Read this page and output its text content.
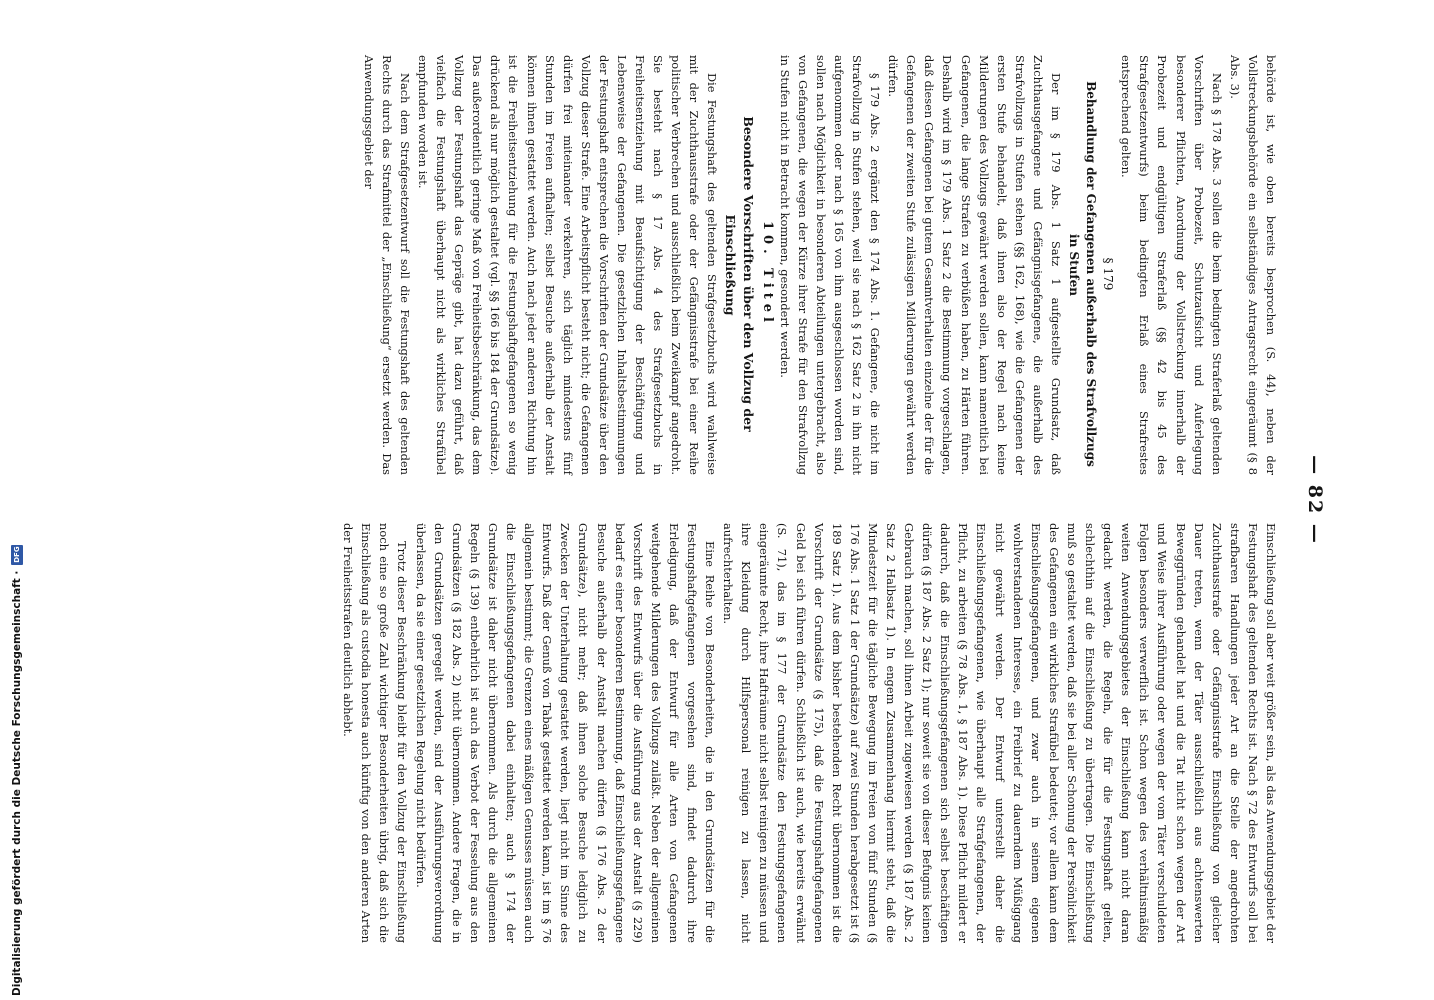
— 82 —

behörde ist, wie oben bereits besprochen (S. 44), neben der Vollstreckungsbehörde ein selbständiges Antragsrecht eingeräumt (§ 8 Abs. 3).

Nach § 178 Abs. 3 sollen die beim bedingten Straferlaß geltenden Vorschriften über Probezeit, Schutzaufsicht und Auferlegung besonderer Pflichten, Anordnung der Vollstreckung innerhalb der Probezeit und endgültigen Straferlaß (§§ 42 bis 45 des Strafgesetzentwurfs) beim bedingten Erlaß eines Strafrestes entsprechend gelten.

§ 179

Behandlung der Gefangenen außerhalb des Strafvollzugs in Stufen

Der im § 179 Abs. 1 Satz 1 aufgestellte Grundsatz, daß Zuchthausgefangene und Gefängnisgefangene, die außerhalb des Strafvollzugs in Stufen stehen (§§ 162, 168), wie die Gefangenen der ersten Stufe behandelt, daß ihnen also der Regel nach keine Milderungen des Vollzugs gewährt werden sollen, kann namentlich bei Gefangenen, die lange Strafen zu verbüßen haben, zu Härten führen. Deshalb wird im § 179 Abs. 1 Satz 2 die Bestimmung vorgeschlagen, daß diesen Gefangenen bei gutem Gesamtverhalten einzelne der für die Gefangenen der zweiten Stufe zulässigen Milderungen gewährt werden dürfen.

§ 179 Abs. 2 ergänzt den § 174 Abs. 1. Gefangene, die nicht im Strafvollzug in Stufen stehen, weil sie nach § 162 Satz 2 in ihn nicht aufgenommen oder nach § 165 von ihm ausgeschlossen worden sind, sollen nach Möglichkeit in besonderen Abteilungen untergebracht, also von Gefangenen, die wegen der Kürze ihrer Strafe für den Strafvollzug in Stufen nicht in Betracht kommen, gesondert werden.

10. Titel

Besondere Vorschriften über den Vollzug der Einschließung

Die Festungshaft des geltenden Strafgesetzbuchs wird wahlweise mit der Zuchthausstrafe oder der Gefängnisstrafe bei einer Reihe politischer Verbrechen und ausschließlich beim Zweikampf angedroht. Sie besteht nach § 17 Abs. 4 des Strafgesetzbuchs in Freiheitsentziehung mit Beaufsichtigung der Beschäftigung und Lebensweise der Gefangenen. Die gesetzlichen Inhaltsbestimmungen der Festungshaft entsprechen die Vorschriften der Grundsätze über den Vollzug dieser Strafe. Eine Arbeitspflicht besteht nicht; die Gefangenen dürfen frei miteinander verkehren, sich täglich mindestens fünf Stunden im Freien aufhalten; selbst Besuche außerhalb der Anstalt können ihnen gestattet werden. Auch nach jeder anderen Richtung hin ist die Freiheitsentziehung für die Festungshaftgefangenen so wenig drückend als nur möglich gestaltet (vgl. §§ 166 bis 184 der Grundsätze). Das außerordentlich geringe Maß von Freiheitsbeschränkung, das dem Vollzug der Festungshaft das Gepräge gibt, hat dazu geführt, daß vielfach die Festungshaft überhaupt nicht als wirkliches Strafübel empfunden worden ist.

Nach dem Strafgesetzentwurf soll die Festungshaft des geltenden Rechts durch das Strafmittel der „Einschließung“ ersetzt werden. Das Anwendungsgebiet der

Einschließung soll aber weit größer sein, als das Anwendungsgebiet der Festungshaft des geltenden Rechts ist. Nach § 72 des Entwurfs soll bei strafbaren Handlungen jeder Art an die Stelle der angedrohten Zuchthausstrafe oder Gefängnisstrafe Einschließung von gleicher Dauer treten, wenn der Täter ausschließlich aus achtenswerten Beweggründen gehandelt hat und die Tat nicht schon wegen der Art und Weise ihrer Ausführung oder wegen der vom Täter verschuldeten Folgen besonders verwerflich ist. Schon wegen des verhältnismäßig weiten Anwendungsgebietes der Einschließung kann nicht daran gedacht werden, die Regeln, die für die Festungshaft gelten, schlechthin auf die Einschließung zu übertragen. Die Einschließung muß so gestaltet werden, daß sie bei aller Schonung der Persönlichkeit des Gefangenen ein wirkliches Strafübel bedeutet; vor allem kann dem Einschließungsgefangenen, und zwar auch in seinem eigenen wohlverstandenen Interesse, ein Freibrief zu dauerndem Müßiggang nicht gewährt werden. Der Entwurf unterstellt daher die Einschließungsgefangenen, wie überhaupt alle Strafgefangenen, der Pflicht, zu arbeiten (§ 78 Abs. 1, § 187 Abs. 1). Diese Pflicht mildert er dadurch, daß die Einschließungsgefangenen sich selbst beschäftigen dürfen (§ 187 Abs. 2 Satz 1); nur soweit sie von dieser Befugnis keinen Gebrauch machen, soll ihnen Arbeit zugewiesen werden (§ 187 Abs. 2 Satz 2 Halbsatz 1). In engem Zusammenhang hiermit steht, daß die Mindestzeit für die tägliche Bewegung im Freien von fünf Stunden (§ 176 Abs. 1 Satz 1 der Grundsätze) auf zwei Stunden herabgesetzt ist (§ 189 Satz 1). Aus dem bisher bestehenden Recht übernommen ist die Vorschrift der Grundsätze (§ 175), daß die Festungshaftgefangenen Geld bei sich führen dürfen. Schließlich ist auch, wie bereits erwähnt (S. 71), das im § 177 der Grundsätze den Festungsgefangenen eingeräumte Recht, ihre Hafträume nicht selbst reinigen zu müssen und ihre Kleidung durch Hilfspersonal reinigen zu lassen, nicht aufrechterhalten.

Eine Reihe von Besonderheiten, die in den Grundsätzen für die Festungshaftgefangenen vorgesehen sind, findet dadurch ihre Erledigung, daß der Entwurf für alle Arten von Gefangenen weitgehende Milderungen des Vollzugs zuläßt. Neben der allgemeinen Vorschrift des Entwurfs über die Ausführung aus der Anstalt (§ 229) bedarf es einer besonderen Bestimmung, daß Einschließungsgefangene Besuche außerhalb der Anstalt machen dürfen (§ 176 Abs. 2 der Grundsätze), nicht mehr; daß ihnen solche Besuche lediglich zu Zwecken der Unterhaltung gestattet werden, liegt nicht im Sinne des Entwurfs. Daß der Genuß von Tabak gestattet werden kann, ist im § 76 allgemein bestimmt; die Grenzen eines mäßigen Genusses müssen auch die Einschließungsgefangenen dabei einhalten; auch § 174 der Grundsätze ist daher nicht übernommen. Als durch die allgemeinen Regeln (§ 139) entbehrlich ist auch das Verbot der Fesselung aus den Grundsätzen (§ 182 Abs. 2) nicht übernommen. Andere Fragen, die in den Grundsätzen geregelt werden, sind der Ausführungsverordnung überlassen, da sie einer gesetzlichen Regelung nicht bedürfen.

Trotz dieser Beschränkung bleibt für den Vollzug der Einschließung noch eine so große Zahl wichtiger Besonderheiten übrig, daß sich die Einschließung als custodia honesta auch künftig von den anderen Arten der Freiheitsstrafen deutlich abhebt.

Digitalisierung gefördert durch die Deutsche Forschungsgemeinschaft ·
DFG
